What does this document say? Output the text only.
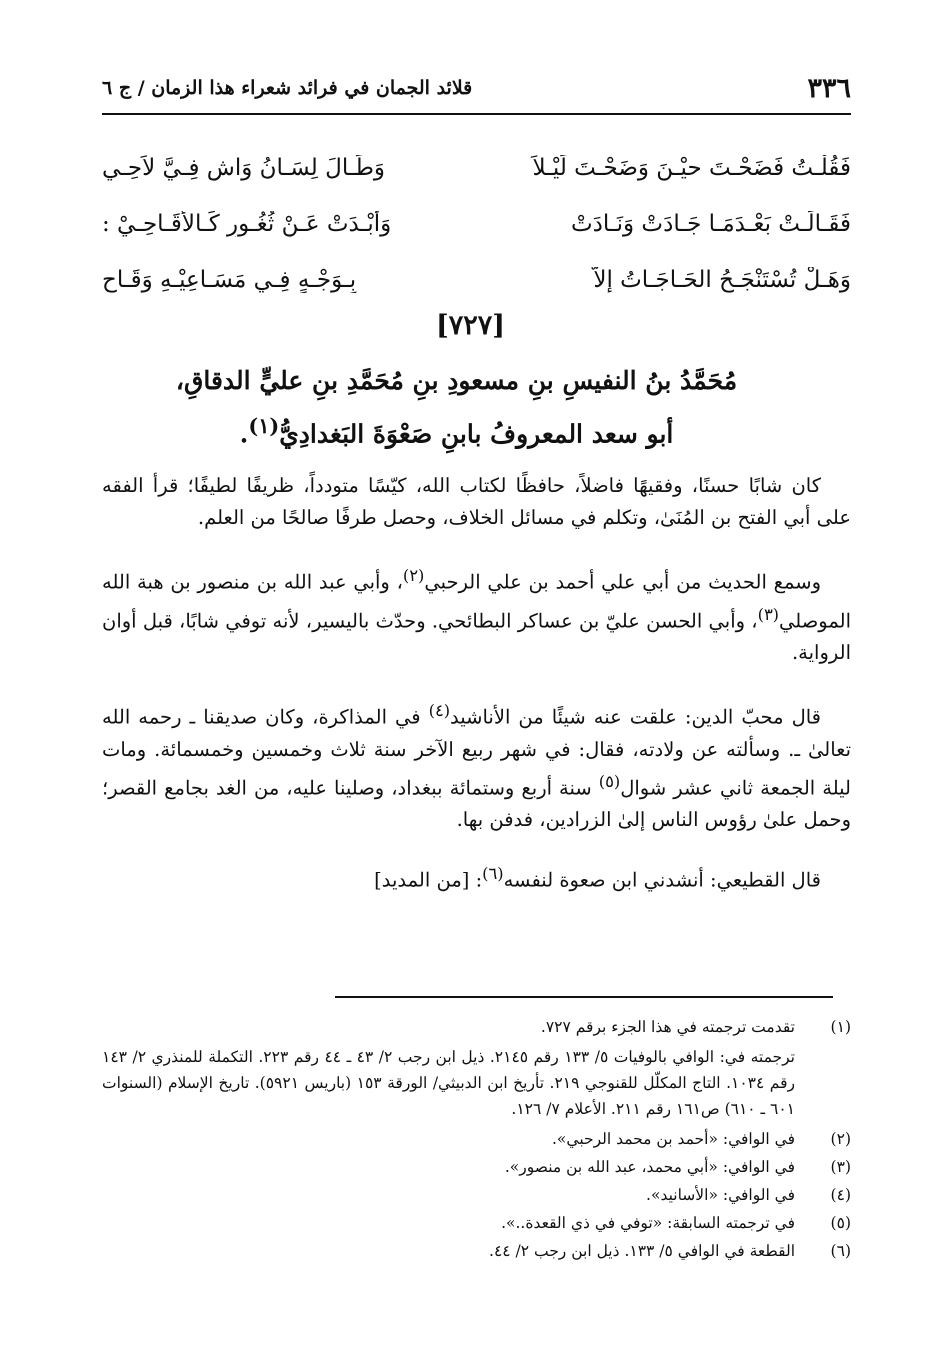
٣٣٦
قلائد الجمان في فرائد شعراء هذا الزمان / ج ٦
فَقُلْـتُ فَضَحْـتَ حيْـنَ وَضَحْـتَ لَيْـلاً
وَطَـالَ لِسَـانُ وَاشٍ فِـيَّ لاَحِـي
فَقَـالَـتْ بَعْـدَمَـا جَـادَتْ وَنَـادَتْ
وَأَبْـدَتْ عَـنْ ثُغُـورٍ كَـالأَقَـاحِـيْ :
وَهَـلْ تُسْتَنْجَـحُ الحَـاجَـاتُ إِلاَّ
بِـوَجْـهٍ فِـي مَسَـاعِيْـهِ وَقَـاحِ
[٧٢٧]
مُحَمَّدُ بنُ النفيسِ بنِ مسعودِ بنِ مُحَمَّدِ بنِ عليٍّ الدقاقِ،
أبو سعد المعروفُ بابنِ صَعْوَةَ البَغدادِيُّ$^{(١)}$.

كان شابًا حسنًا، وفقيهًا فاضلاً، حافظًا لكتاب الله، كيّسًا متودداً، ظريفًا لطيفًا؛ قرأ الفقه على أبي الفتح بن المُنَىٰ، وتكلم في مسائل الخلاف، وحصل طرفًا صالحًا من العلم.

وسمع الحديث من أبي علي أحمد بن علي الرحبي$^{(٢)}$، وأبي عبد الله بن منصور بن هبة الله الموصلي$^{(٣)}$، وأبي الحسن عليّ بن عساكر البطائحي. وحدّث باليسير، لأنه توفي شابًا، قبل أوان الرواية.

قال محبّ الدين: علقت عنه شيئًا من الأناشيد$^{(٤)}$ في المذاكرة، وكان صديقنا ـ رحمه الله تعالىٰ ـ. وسألته عن ولادته، فقال: في شهر ربيع الآخر سنة ثلاث وخمسين وخمسمائة. ومات ليلة الجمعة ثاني عشر شوال$^{(٥)}$ سنة أربع وستمائة ببغداد، وصلينا عليه، من الغد بجامع القصر؛ وحمل علىٰ رؤوس الناس إلىٰ الزرادين، فدفن بها.

قال القطيعي: أنشدني ابن صعوة لنفسه$^{(٦)}$: [من المديد]

(١)
تقدمت ترجمته في هذا الجزء برقم ٧٢٧.
ترجمته في: الوافي بالوفيات ٥/ ١٣٣ رقم ٢١٤٥. ذيل ابن رجب ٢/ ٤٣ ـ ٤٤ رقم ٢٢٣. التكملة للمنذري ٢/ ١٤٣ رقم ١٠٣٤. التاج المكلّل للقنوجي ٢١٩. تأريخ ابن الدبيثي/ الورقة ١٥٣ (باريس ٥٩٢١). تاريخ الإسلام (السنوات ٦٠١ ـ ٦١٠) ص١٦١ رقم ٢١١. الأعلام ٧/ ١٢٦.
(٢)
في الوافي: «أحمد بن محمد الرحبي».
(٣)
في الوافي: «أبي محمد، عبد الله بن منصور».
(٤)
في الوافي: «الأسانيد».
(٥)
في ترجمته السابقة: «توفي في ذي القعدة..».
(٦)
القطعة في الوافي ٥/ ١٣٣. ذيل ابن رجب ٢/ ٤٤.
